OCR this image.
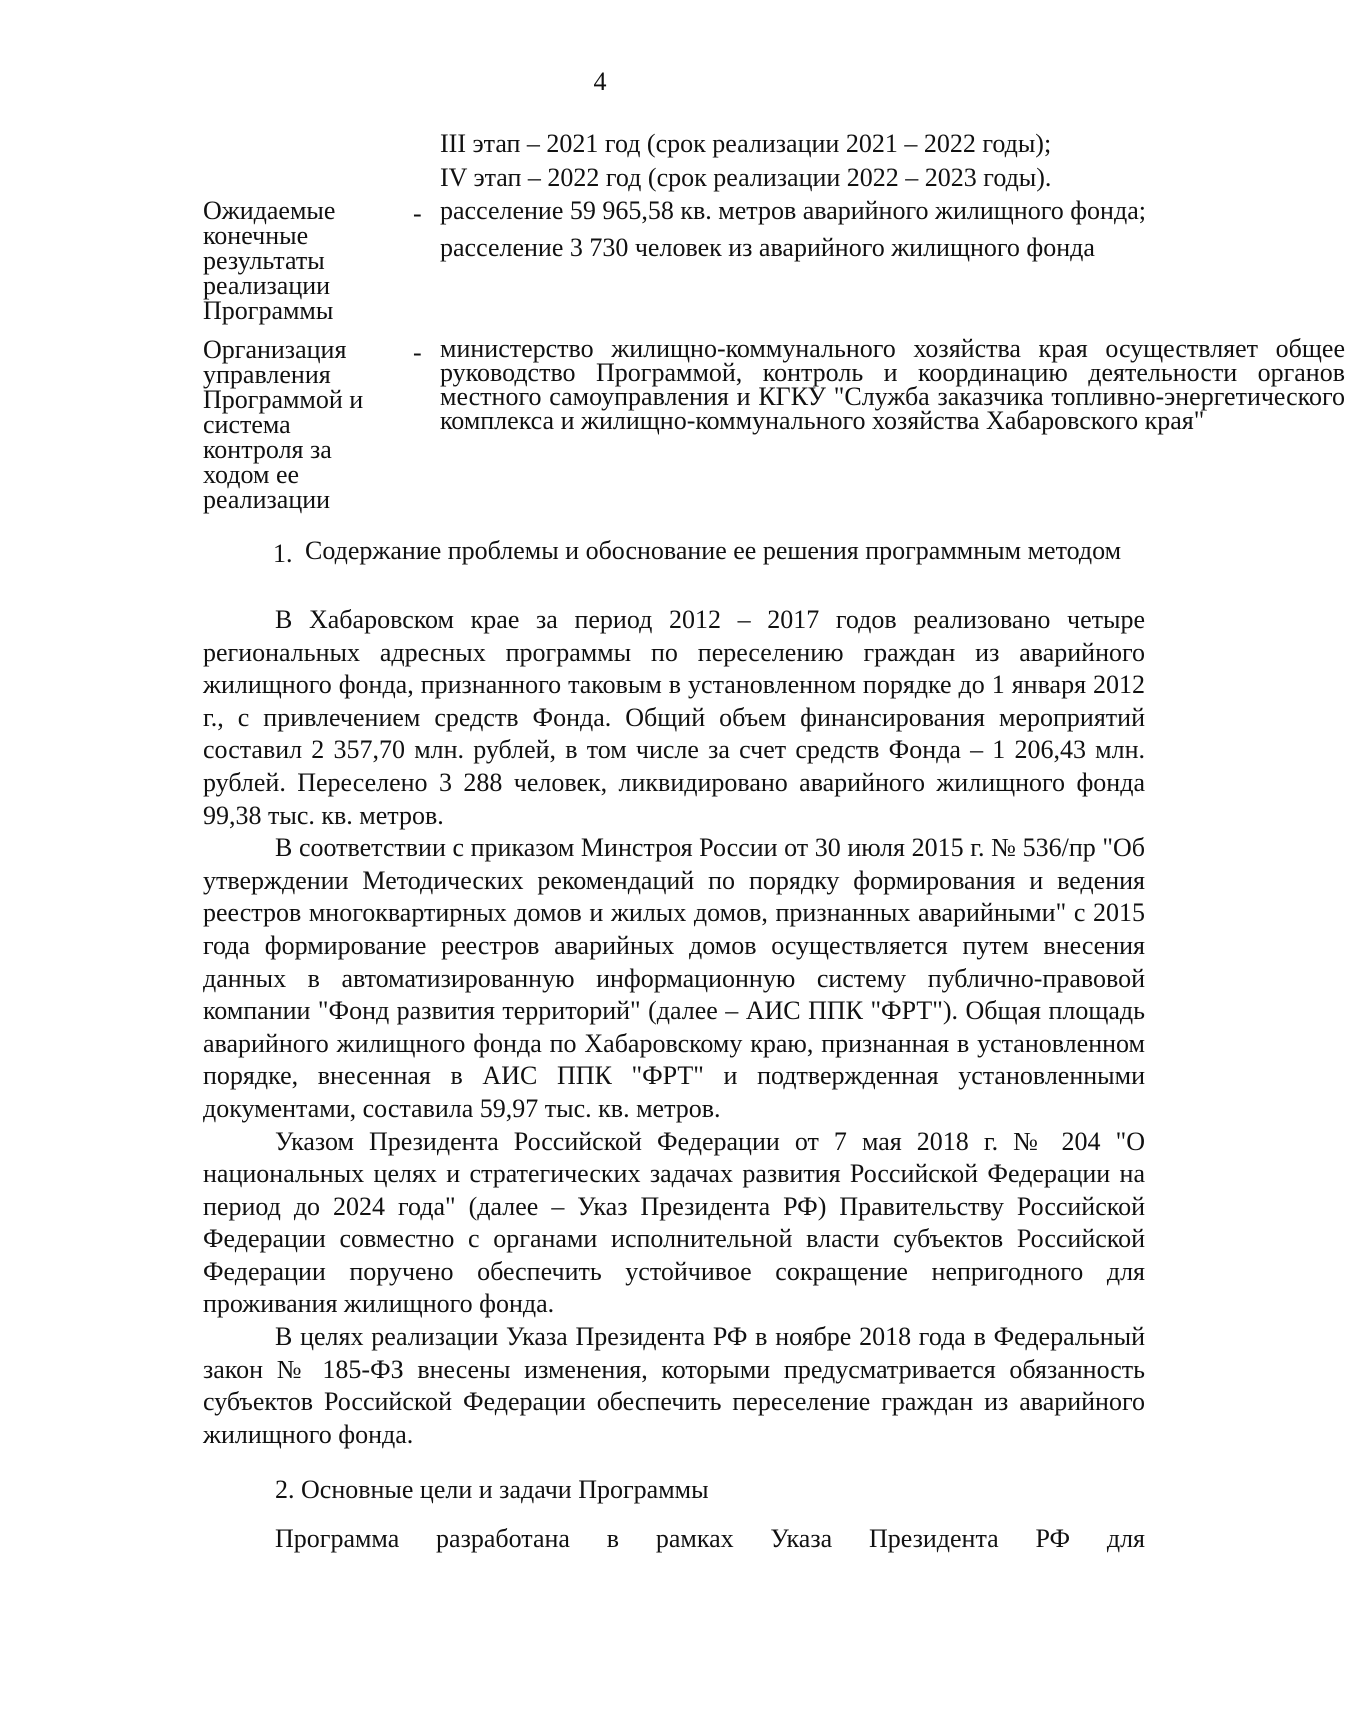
4
III этап – 2021 год (срок реализации 2021 – 2022 годы);
IV этап – 2022 год (срок реализации 2022 – 2023 годы).
Ожидаемые конечные результаты реализации Программы
- расселение 59 965,58 кв. метров аварийного жилищного фонда;

расселение 3 730 человек из аварийного жилищного фонда

Организация управления Программой и система контроля за ходом ее реализации
- министерство жилищно-коммунального хозяйства края осуществляет общее руководство Программой, контроль и координацию деятельности органов местного самоуправления и КГКУ "Служба заказчика топливно-энергетического комплекса и жилищно-коммунального хозяйства Хабаровского края"

1. Содержание проблемы и обоснование ее решения программным методом

В Хабаровском крае за период 2012 – 2017 годов реализовано четыре региональных адресных программы по переселению граждан из аварийного жилищного фонда, признанного таковым в установленном порядке до 1 января 2012 г., с привлечением средств Фонда. Общий объем финансирования мероприятий составил 2 357,70 млн. рублей, в том числе за счет средств Фонда – 1 206,43 млн. рублей. Переселено 3 288 человек, ликвидировано аварийного жилищного фонда 99,38 тыс. кв. метров.

В соответствии с приказом Минстроя России от 30 июля 2015 г. № 536/пр "Об утверждении Методических рекомендаций по порядку формирования и ведения реестров многоквартирных домов и жилых домов, признанных аварийными" с 2015 года формирование реестров аварийных домов осуществляется путем внесения данных в автоматизированную информационную систему публично-правовой компании "Фонд развития территорий" (далее – АИС ППК "ФРТ"). Общая площадь аварийного жилищного фонда по Хабаровскому краю, признанная в установленном порядке, внесенная в АИС ППК "ФРТ" и подтвержденная установленными документами, составила 59,97 тыс. кв. метров.

Указом Президента Российской Федерации от 7 мая 2018 г. № 204 "О национальных целях и стратегических задачах развития Российской Федерации на период до 2024 года" (далее – Указ Президента РФ) Правительству Российской Федерации совместно с органами исполнительной власти субъектов Российской Федерации поручено обеспечить устойчивое сокращение непригодного для проживания жилищного фонда.

В целях реализации Указа Президента РФ в ноябре 2018 года в Федеральный закон № 185-ФЗ внесены изменения, которыми предусматривается обязанность субъектов Российской Федерации обеспечить переселение граждан из аварийного жилищного фонда.

2. Основные цели и задачи Программы
Программа разработана в рамках Указа Президента РФ для
